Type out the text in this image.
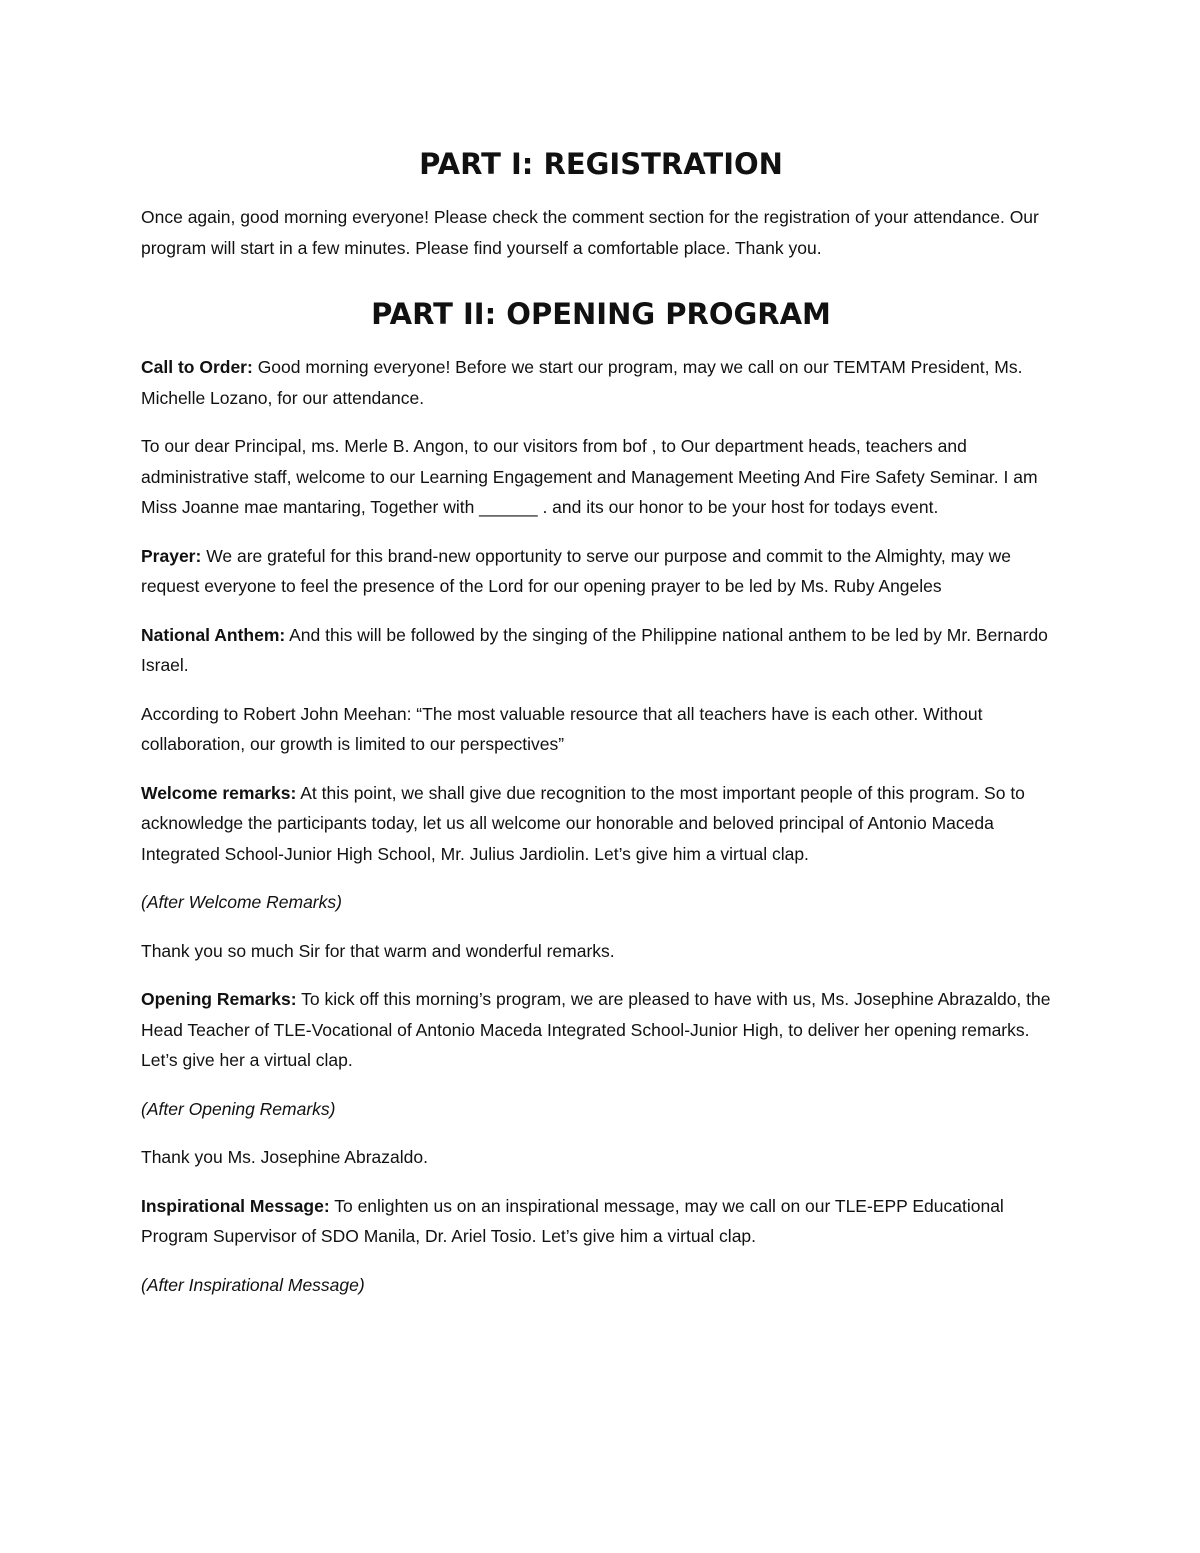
PART I: REGISTRATION

Once again, good morning everyone! Please check the comment section for the registration of your attendance. Our program will start in a few minutes. Please find yourself a comfortable place. Thank you.

PART II: OPENING PROGRAM

Call to Order: Good morning everyone! Before we start our program, may we call on our TEMTAM President, Ms. Michelle Lozano, for our attendance.

To our dear Principal, ms. Merle B. Angon, to our visitors from bof , to Our department heads, teachers and administrative staff, welcome to our Learning Engagement and Management Meeting And Fire Safety Seminar. I am Miss Joanne mae mantaring, Together with ______ . and its our honor to be your host for todays event.

Prayer: We are grateful for this brand-new opportunity to serve our purpose and commit to the Almighty, may we request everyone to feel the presence of the Lord for our opening prayer to be led by Ms. Ruby Angeles

National Anthem: And this will be followed by the singing of the Philippine national anthem to be led by Mr. Bernardo Israel.

According to Robert John Meehan: “The most valuable resource that all teachers have is each other. Without collaboration, our growth is limited to our perspectives”

Welcome remarks: At this point, we shall give due recognition to the most important people of this program. So to acknowledge the participants today, let us all welcome our honorable and beloved principal of Antonio Maceda Integrated School-Junior High School, Mr. Julius Jardiolin. Let’s give him a virtual clap.

(After Welcome Remarks)

Thank you so much Sir for that warm and wonderful remarks.

Opening Remarks: To kick off this morning’s program, we are pleased to have with us, Ms. Josephine Abrazaldo, the Head Teacher of TLE-Vocational of Antonio Maceda Integrated School-Junior High, to deliver her opening remarks. Let’s give her a virtual clap.

(After Opening Remarks)

Thank you Ms. Josephine Abrazaldo.

Inspirational Message: To enlighten us on an inspirational message, may we call on our TLE-EPP Educational Program Supervisor of SDO Manila, Dr. Ariel Tosio. Let’s give him a virtual clap.

(After Inspirational Message)
